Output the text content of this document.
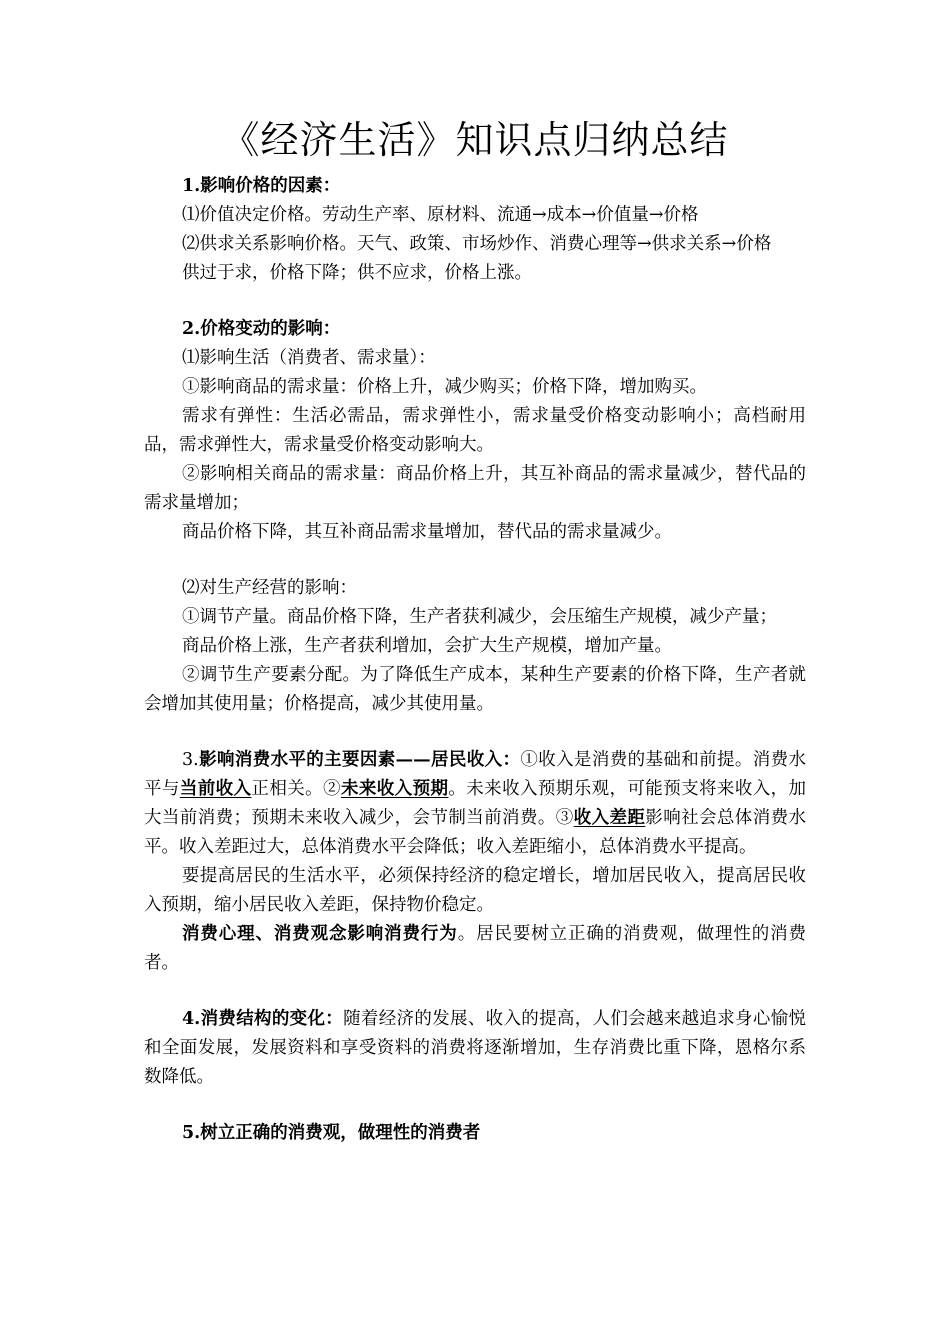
《经济生活》知识点归纳总结

1.影响价格的因素：

⑴价值决定价格。劳动生产率、原材料、流通→成本→价值量→价格

⑵供求关系影响价格。天气、政策、市场炒作、消费心理等→供求关系→价格

供过于求，价格下降；供不应求，价格上涨。

2.价格变动的影响：

⑴影响生活（消费者、需求量）：

①影响商品的需求量：价格上升，减少购买；价格下降，增加购买。

需求有弹性：生活必需品，需求弹性小，需求量受价格变动影响小；高档耐用品，需求弹性大，需求量受价格变动影响大。

②影响相关商品的需求量：商品价格上升，其互补商品的需求量减少，替代品的需求量增加；

商品价格下降，其互补商品需求量增加，替代品的需求量减少。

⑵对生产经营的影响：

①调节产量。商品价格下降，生产者获利减少，会压缩生产规模，减少产量；

商品价格上涨，生产者获利增加，会扩大生产规模，增加产量。

②调节生产要素分配。为了降低生产成本，某种生产要素的价格下降，生产者就会增加其使用量；价格提高，减少其使用量。

3.影响消费水平的主要因素——居民收入：①收入是消费的基础和前提。消费水平与当前收入正相关。②未来收入预期。未来收入预期乐观，可能预支将来收入，加大当前消费；预期未来收入减少，会节制当前消费。③收入差距影响社会总体消费水平。收入差距过大，总体消费水平会降低；收入差距缩小，总体消费水平提高。

要提高居民的生活水平，必须保持经济的稳定增长，增加居民收入，提高居民收入预期，缩小居民收入差距，保持物价稳定。

消费心理、消费观念影响消费行为。居民要树立正确的消费观，做理性的消费者。

4.消费结构的变化：随着经济的发展、收入的提高，人们会越来越追求身心愉悦和全面发展，发展资料和享受资料的消费将逐渐增加，生存消费比重下降，恩格尔系数降低。

5.树立正确的消费观，做理性的消费者
